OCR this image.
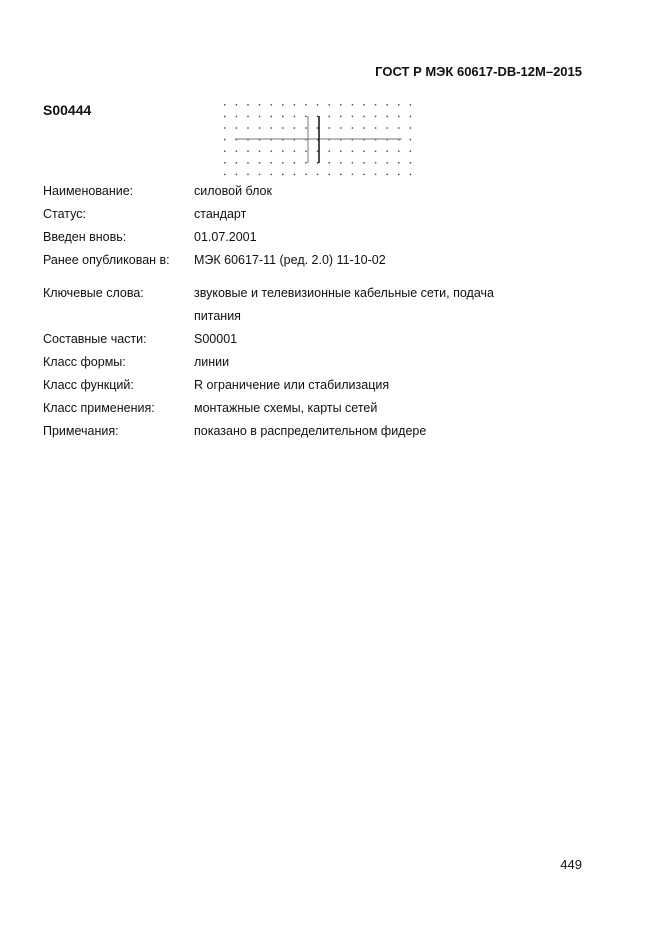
ГОСТ Р МЭК 60617-DB-12M–2015
S00444
Наименование:	силовой блок
Статус:	стандарт
Введен вновь:	01.07.2001
Ранее опубликован в:	МЭК 60617-11 (ред. 2.0) 11-10-02
Ключевые слова:	звуковые и телевизионные кабельные сети, подача питания
Составные части:	S00001
Класс формы:	линии
Класс функций:	R ограничение или стабилизация
Класс применения:	монтажные схемы, карты сетей
Примечания:	показано в распределительном фидере
449
